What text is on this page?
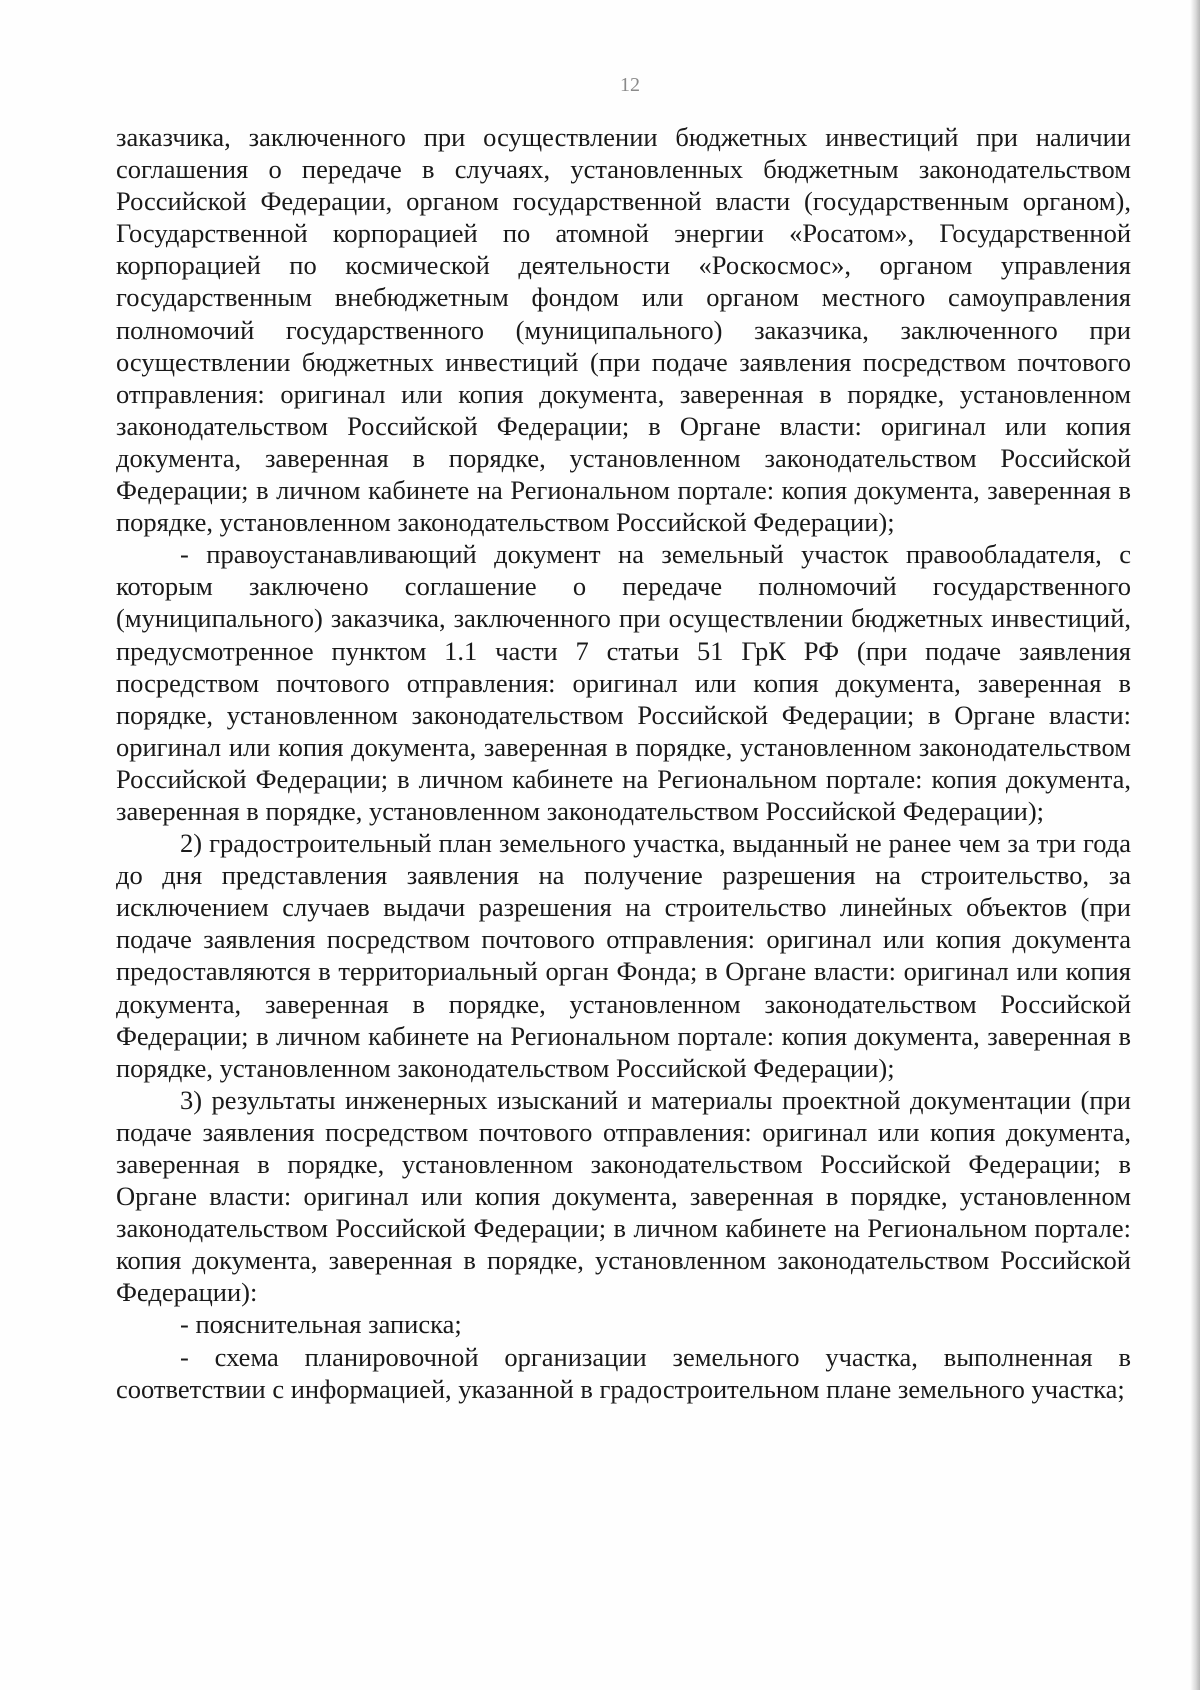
12

заказчика, заключенного при осуществлении бюджетных инвестиций при наличии соглашения о передаче в случаях, установленных бюджетным законодательством Российской Федерации, органом государственной власти (государственным органом), Государственной корпорацией по атомной энергии «Росатом», Государственной корпорацией по космической деятельности «Роскосмос», органом управления государственным внебюджетным фондом или органом местного самоуправления полномочий государственного (муниципального) заказчика, заключенного при осуществлении бюджетных инвестиций (при подаче заявления посредством почтового отправления: оригинал или копия документа, заверенная в порядке, установленном законодательством Российской Федерации; в Органе власти: оригинал или копия документа, заверенная в порядке, установленном законодательством Российской Федерации; в личном кабинете на Региональном портале: копия документа, заверенная в порядке, установленном законодательством Российской Федерации);

- правоустанавливающий документ на земельный участок правообладателя, с которым заключено соглашение о передаче полномочий государственного (муниципального) заказчика, заключенного при осуществлении бюджетных инвестиций, предусмотренное пунктом 1.1 части 7 статьи 51 ГрК РФ (при подаче заявления посредством почтового отправления: оригинал или копия документа, заверенная в порядке, установленном законодательством Российской Федерации; в Органе власти: оригинал или копия документа, заверенная в порядке, установленном законодательством Российской Федерации; в личном кабинете на Региональном портале: копия документа, заверенная в порядке, установленном законодательством Российской Федерации);

2) градостроительный план земельного участка, выданный не ранее чем за три года до дня представления заявления на получение разрешения на строительство, за исключением случаев выдачи разрешения на строительство линейных объектов (при подаче заявления посредством почтового отправления: оригинал или копия документа предоставляются в территориальный орган Фонда; в Органе власти: оригинал или копия документа, заверенная в порядке, установленном законодательством Российской Федерации; в личном кабинете на Региональном портале: копия документа, заверенная в порядке, установленном законодательством Российской Федерации);

3) результаты инженерных изысканий и материалы проектной документации (при подаче заявления посредством почтового отправления: оригинал или копия документа, заверенная в порядке, установленном законодательством Российской Федерации; в Органе власти: оригинал или копия документа, заверенная в порядке, установленном законодательством Российской Федерации; в личном кабинете на Региональном портале: копия документа, заверенная в порядке, установленном законодательством Российской Федерации):

- пояснительная записка;

- схема планировочной организации земельного участка, выполненная в соответствии с информацией, указанной в градостроительном плане земельного участка;
